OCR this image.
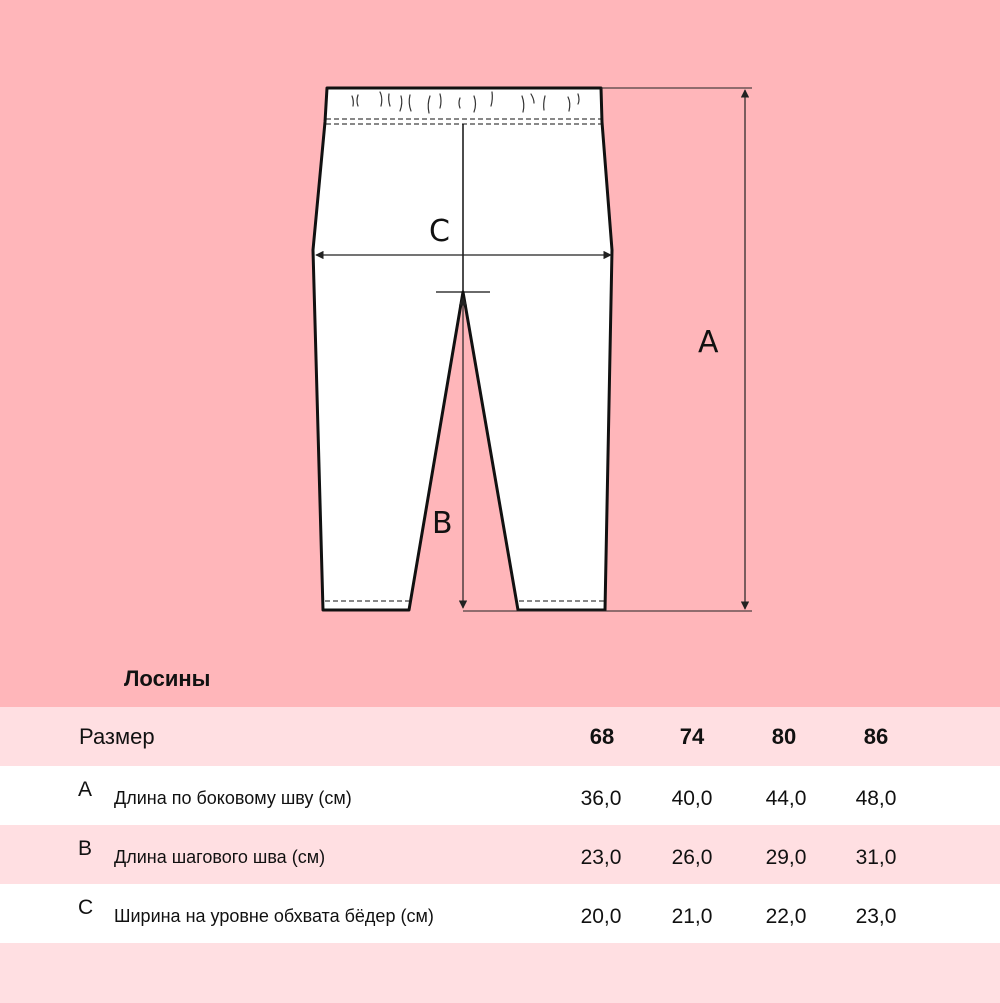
A
B
C
Лосины
Размер	68	74	80	86
A Длина по боковому шву (см)	36,0	40,0	44,0	48,0
B Длина шагового шва (см)	23,0	26,0	29,0	31,0
C Ширина на уровне обхвата бёдер (см)	20,0	21,0	22,0	23,0
